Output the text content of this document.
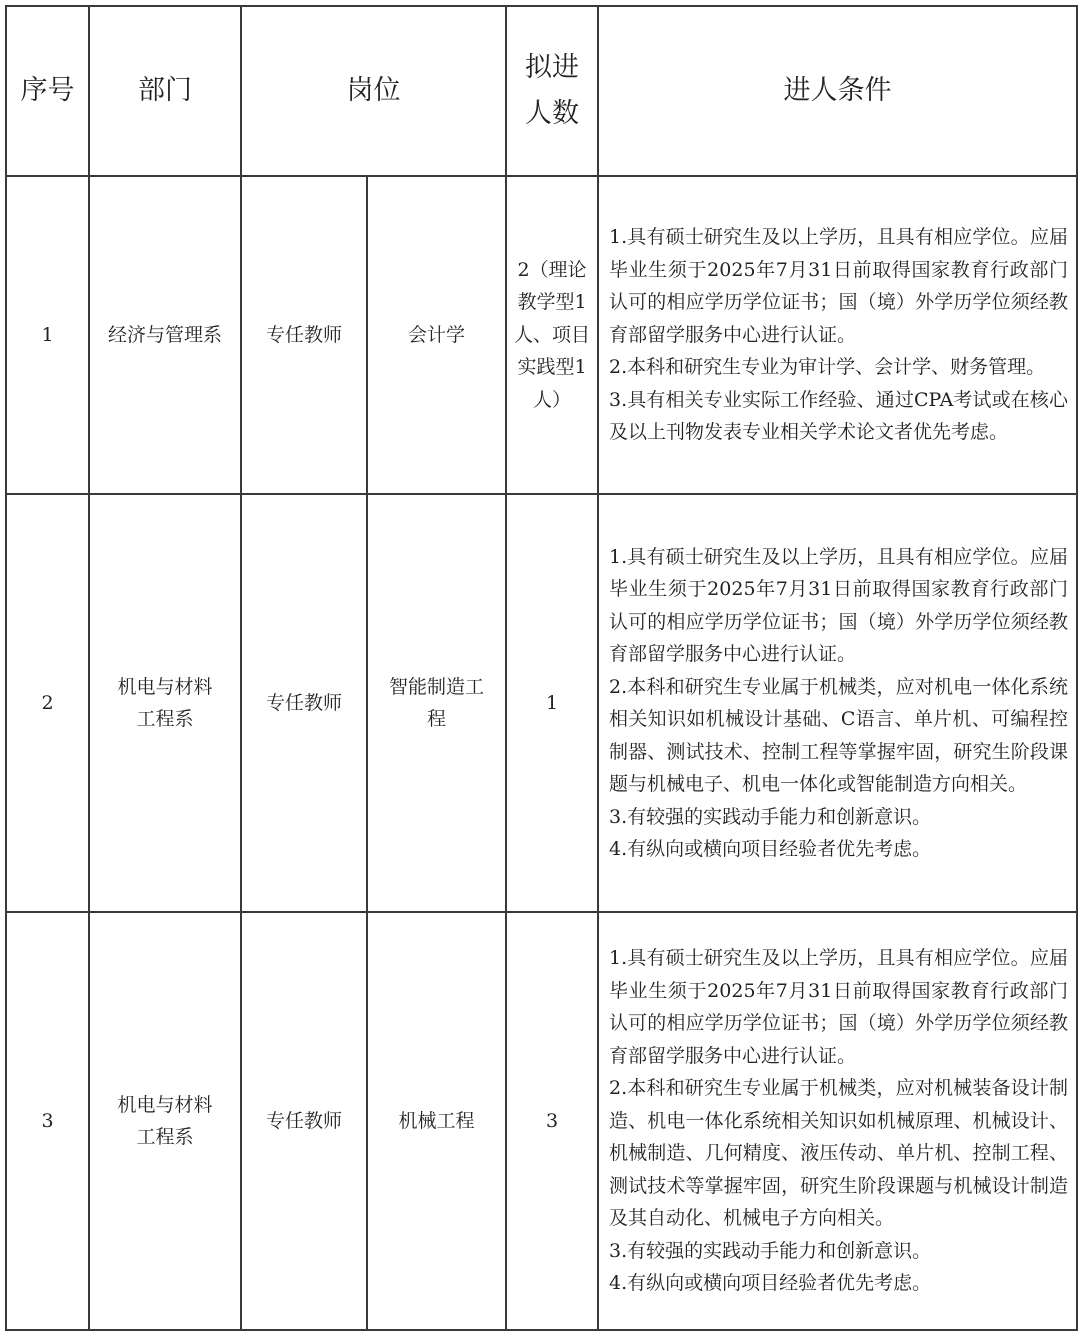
序号	部门	岗位		拟进人数	进人条件
1	经济与管理系	专任教师	会计学	2（理论教学型1人、项目实践型1人）	1.具有硕士研究生及以上学历，且具有相应学位。应届毕业生须于2025年7月31日前取得国家教育行政部门认可的相应学历学位证书；国（境）外学历学位须经教育部留学服务中心进行认证。
2.本科和研究生专业为审计学、会计学、财务管理。
3.具有相关专业实际工作经验、通过CPA考试或在核心及以上刊物发表专业相关学术论文者优先考虑。

2	机电与材料工程系	专任教师	智能制造工程	1	1.具有硕士研究生及以上学历，且具有相应学位。应届毕业生须于2025年7月31日前取得国家教育行政部门认可的相应学历学位证书；国（境）外学历学位须经教育部留学服务中心进行认证。
2.本科和研究生专业属于机械类，应对机电一体化系统相关知识如机械设计基础、C语言、单片机、可编程控制器、测试技术、控制工程等掌握牢固，研究生阶段课题与机械电子、机电一体化或智能制造方向相关。
3.有较强的实践动手能力和创新意识。
4.有纵向或横向项目经验者优先考虑。

3	机电与材料工程系	专任教师	机械工程	3	1.具有硕士研究生及以上学历，且具有相应学位。应届毕业生须于2025年7月31日前取得国家教育行政部门认可的相应学历学位证书；国（境）外学历学位须经教育部留学服务中心进行认证。
2.本科和研究生专业属于机械类，应对机械装备设计制造、机电一体化系统相关知识如机械原理、机械设计、机械制造、几何精度、液压传动、单片机、控制工程、测试技术等掌握牢固，研究生阶段课题与机械设计制造及其自动化、机械电子方向相关。
3.有较强的实践动手能力和创新意识。
4.有纵向或横向项目经验者优先考虑。
